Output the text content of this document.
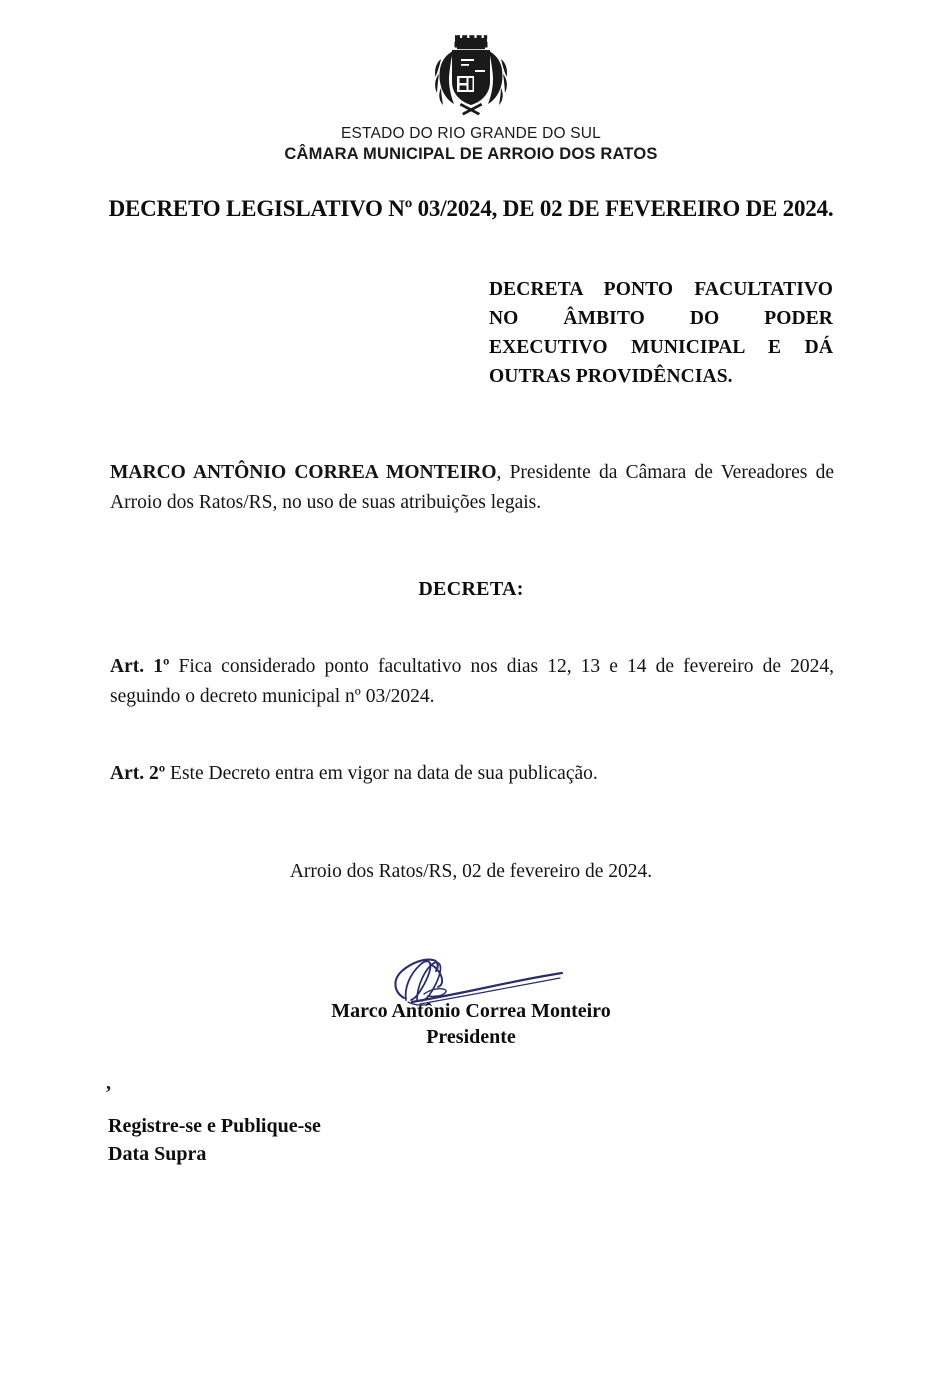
ESTADO DO RIO GRANDE DO SUL
CÂMARA MUNICIPAL DE ARROIO DOS RATOS
DECRETO LEGISLATIVO Nº 03/2024, DE 02 DE FEVEREIRO DE 2024.
DECRETA PONTO FACULTATIVO NO ÂMBITO DO PODER EXECUTIVO MUNICIPAL E DÁ OUTRAS PROVIDÊNCIAS.
MARCO ANTÔNIO CORREA MONTEIRO, Presidente da Câmara de Vereadores de Arroio dos Ratos/RS, no uso de suas atribuições legais.
DECRETA:
Art. 1º Fica considerado ponto facultativo nos dias 12, 13 e 14 de fevereiro de 2024, seguindo o decreto municipal nº 03/2024.
Art. 2º Este Decreto entra em vigor na data de sua publicação.
Arroio dos Ratos/RS, 02 de fevereiro de 2024.
Marco Antônio Correa Monteiro
Presidente
,
Registre-se e Publique-se
Data Supra
